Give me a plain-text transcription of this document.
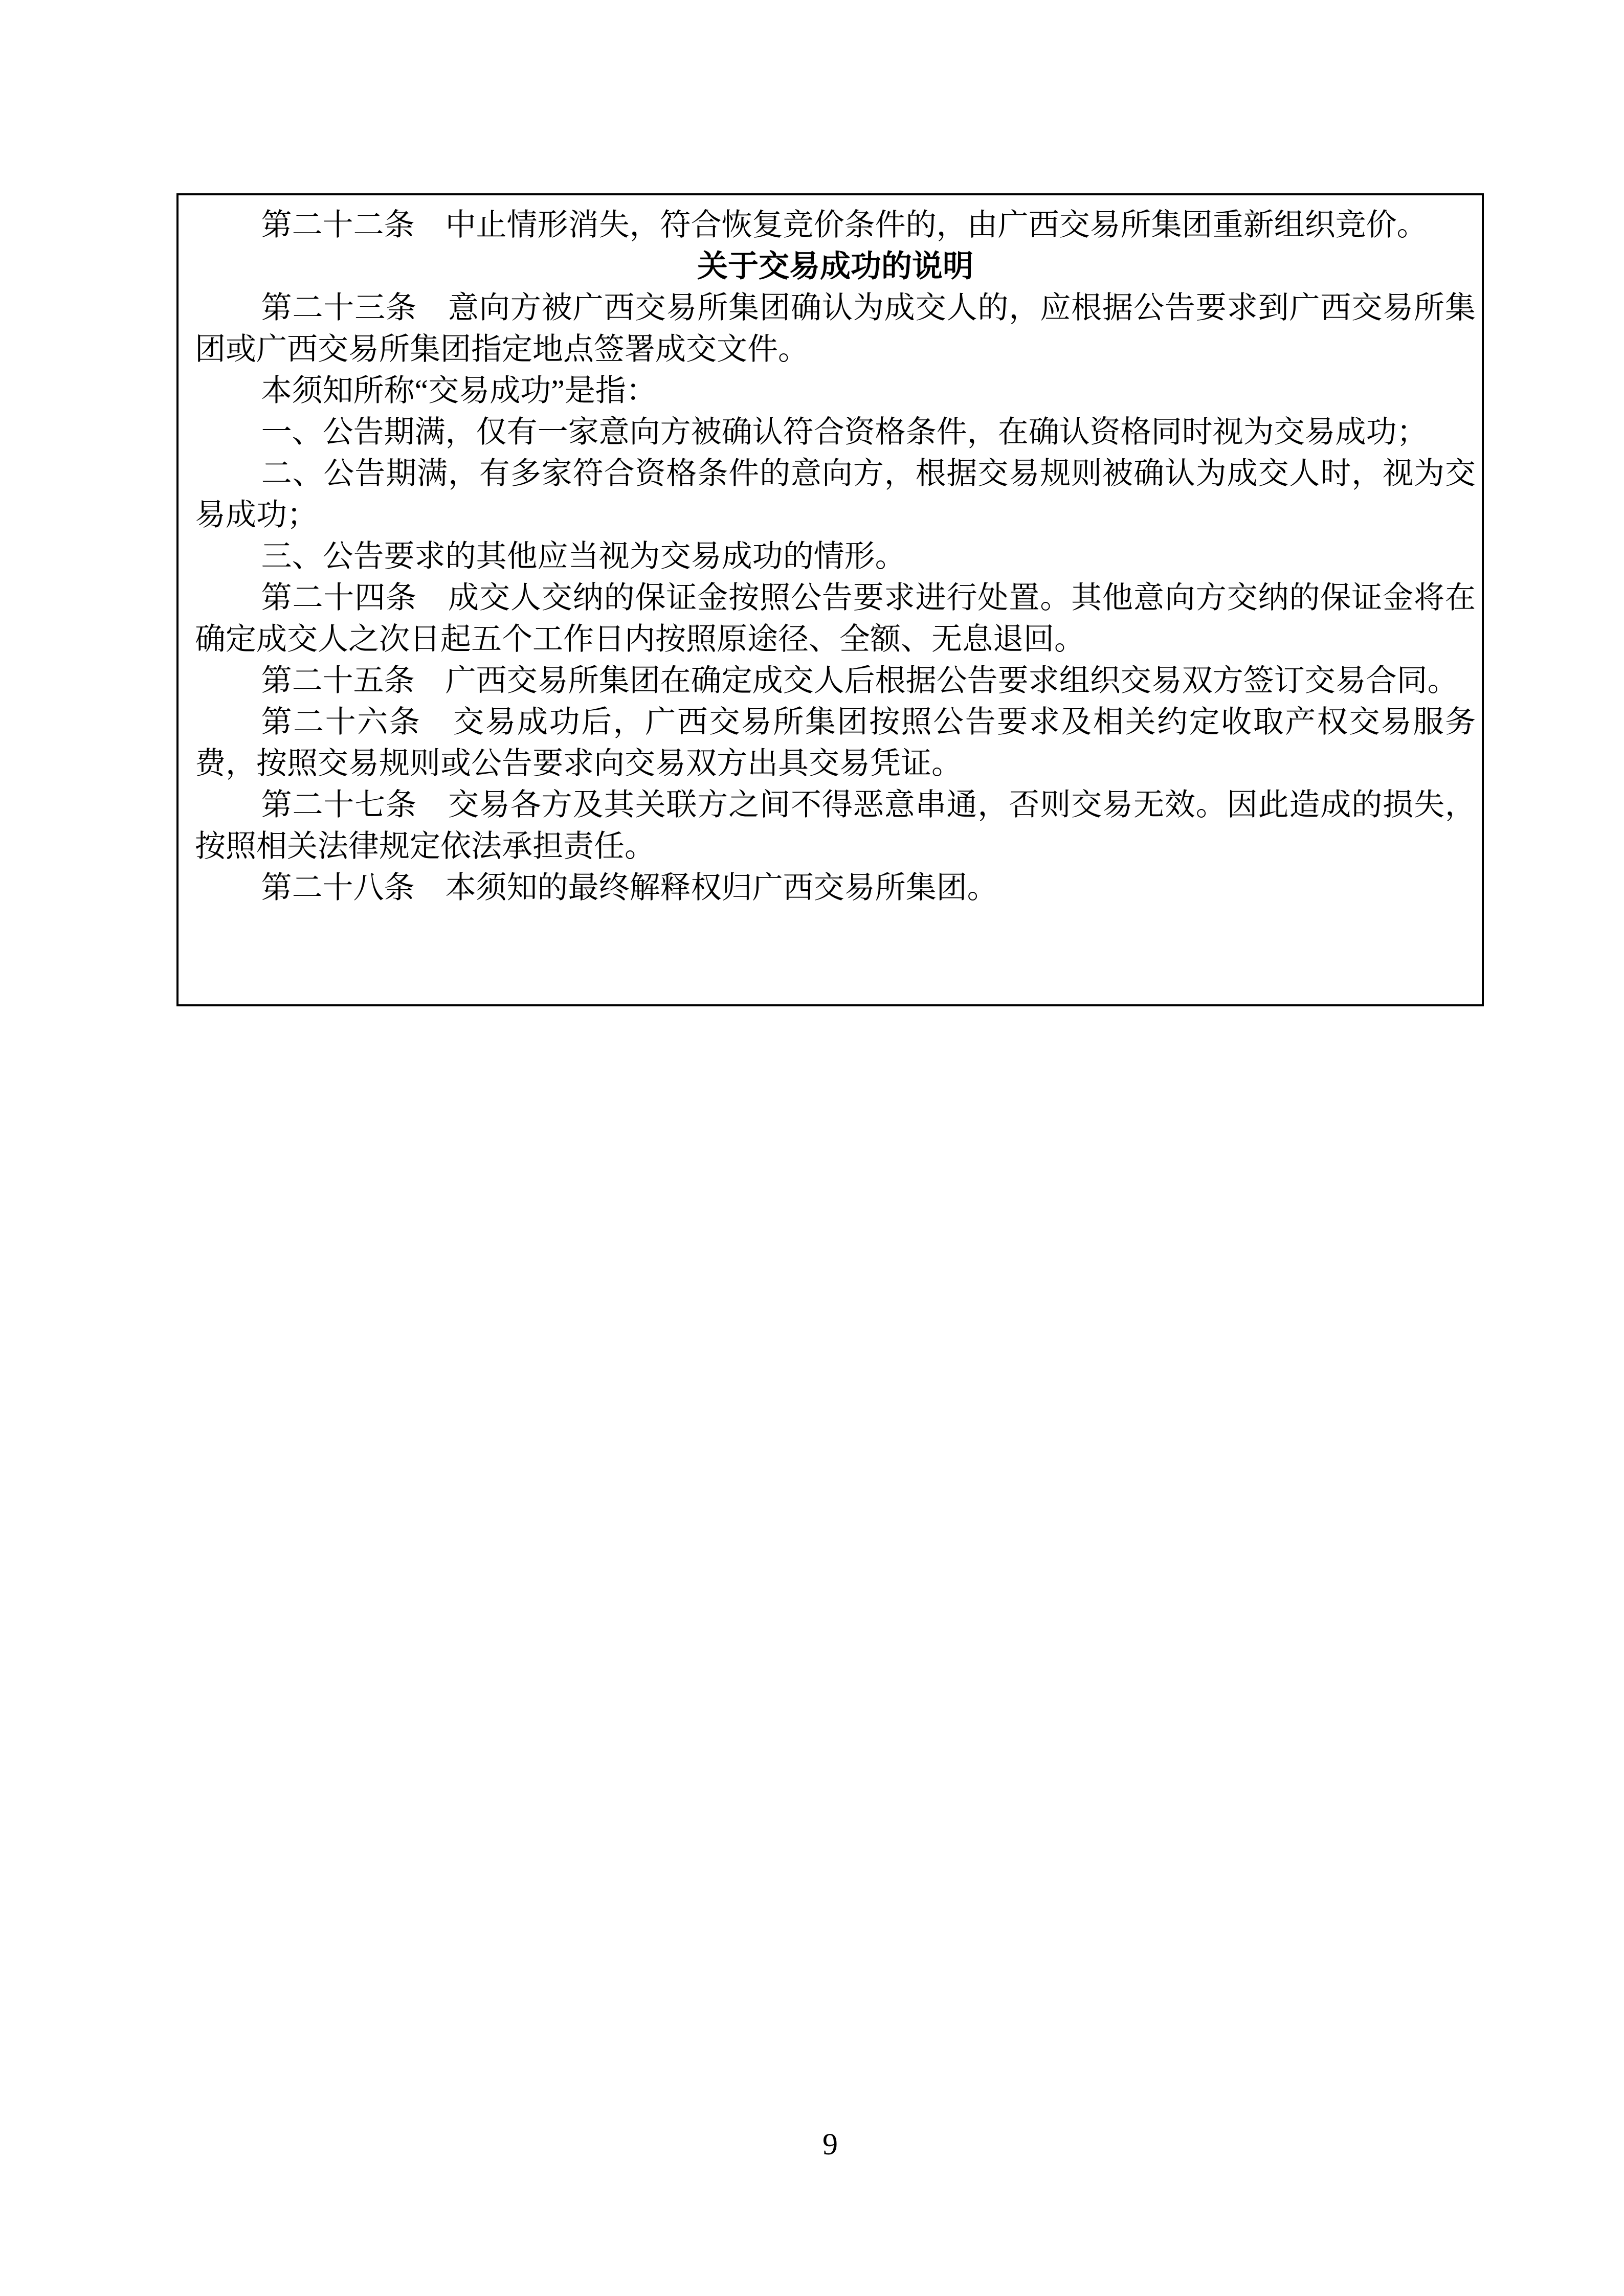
第二十二条　中止情形消失，符合恢复竞价条件的，由广西交易所集团重新组织竞价。

关于交易成功的说明

第二十三条　意向方被广西交易所集团确认为成交人的，应根据公告要求到广西交易所集团或广西交易所集团指定地点签署成交文件。

本须知所称“交易成功”是指：

一、公告期满，仅有一家意向方被确认符合资格条件，在确认资格同时视为交易成功；

二、公告期满，有多家符合资格条件的意向方，根据交易规则被确认为成交人时，视为交易成功；

三、公告要求的其他应当视为交易成功的情形。

第二十四条　成交人交纳的保证金按照公告要求进行处置。其他意向方交纳的保证金将在确定成交人之次日起五个工作日内按照原途径、全额、无息退回。

第二十五条　广西交易所集团在确定成交人后根据公告要求组织交易双方签订交易合同。

第二十六条　交易成功后，广西交易所集团按照公告要求及相关约定收取产权交易服务费，按照交易规则或公告要求向交易双方出具交易凭证。

第二十七条　交易各方及其关联方之间不得恶意串通，否则交易无效。因此造成的损失，按照相关法律规定依法承担责任。

第二十八条　本须知的最终解释权归广西交易所集团。

9
